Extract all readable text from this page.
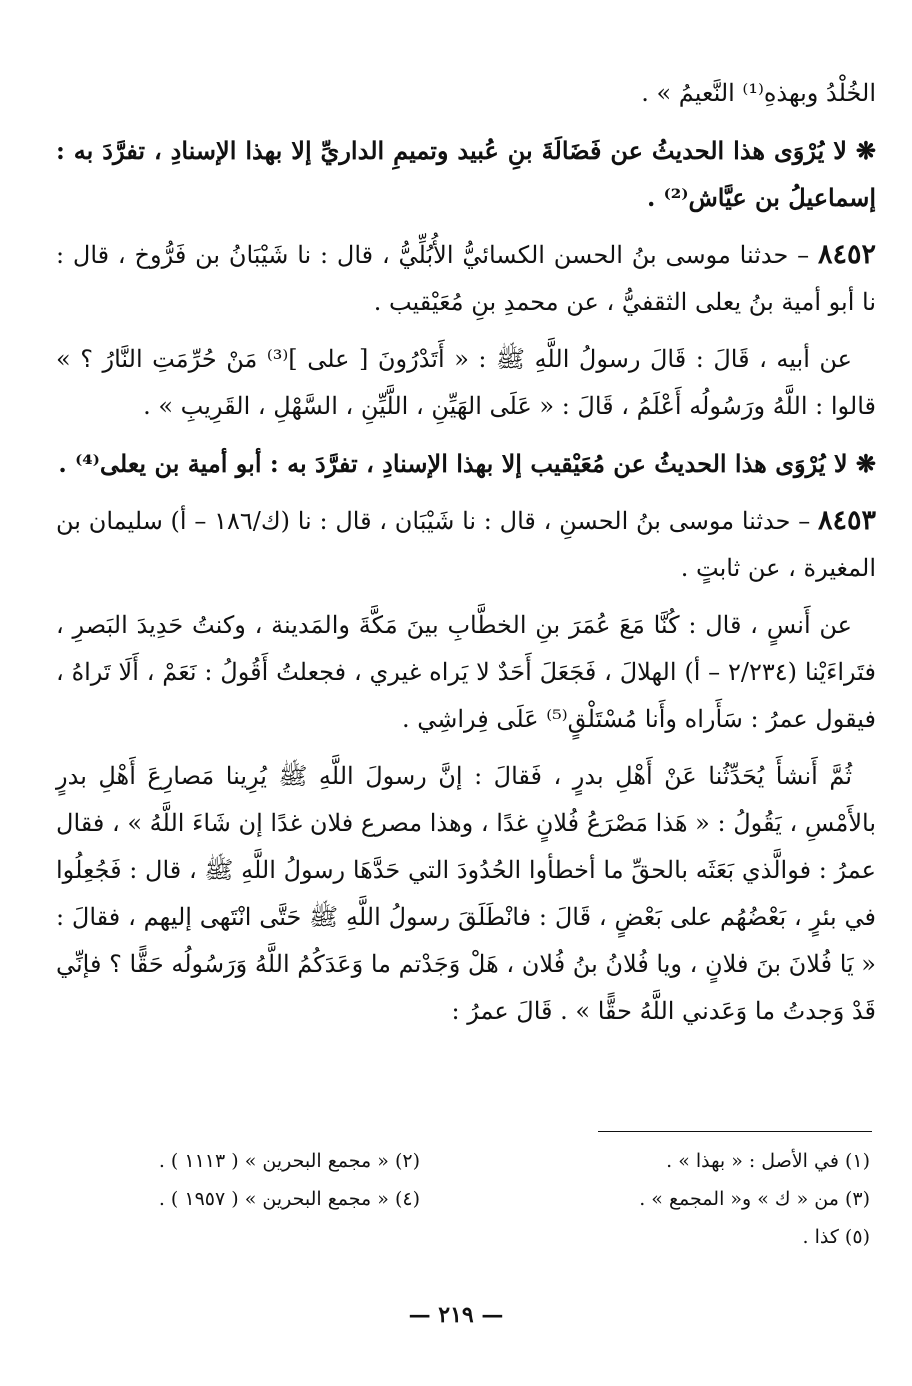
الخُلْدُ وبهذهِ⁽¹⁾ النَّعيمُ » .

❋ لا يُرْوَى هذا الحديثُ عن فَضَالَةَ بنِ عُبيد وتميمِ الداريِّ إلا بهذا الإسنادِ ، تفرَّدَ به : إسماعيلُ بن عيَّاش⁽²⁾ .

٨٤٥٢ – حدثنا موسى بنُ الحسن الكسائيُّ الأُبُلِّيُّ ، قال : نا شَيْبَانُ بن فَرُّوخ ، قال : نا أبو أمية بنُ يعلى الثقفيُّ ، عن محمدِ بنِ مُعَيْقيب .

عن أبيه ، قَالَ : قَالَ رسولُ اللَّهِ ﷺ : « أَتَدْرُونَ [ على ]⁽³⁾ مَنْ حُرِّمَتِ النَّارُ ؟ » قالوا : اللَّهُ ورَسُولُه أَعْلَمُ ، قَالَ : « عَلَى الهَيِّنِ ، اللَّيِّنِ ، السَّهْلِ ، القَرِيبِ » .

❋ لا يُرْوَى هذا الحديثُ عن مُعَيْقيب إلا بهذا الإسنادِ ، تفرَّدَ به : أبو أمية بن يعلى⁽⁴⁾ .

٨٤٥٣ – حدثنا موسى بنُ الحسنِ ، قال : نا شَيْبَان ، قال : نا (ك/١٨٦ – أ) سليمان بن المغيرة ، عن ثابتٍ .

عن أَنسٍ ، قال : كُنَّا مَعَ عُمَرَ بنِ الخطَّابِ بينَ مَكَّةَ والمَدينة ، وكنتُ حَدِيدَ البَصرِ ، فتَراءَيْنا (٢/٢٣٤ – أ) الهلالَ ، فَجَعَلَ أَحَدٌ لا يَراه غيري ، فجعلتُ أَقُولُ : نَعَمْ ، أَلَا تَراهُ ، فيقول عمرُ : سَأَراه وأَنا مُسْتَلْقٍ⁽⁵⁾ عَلَى فِراشِي .

ثُمَّ أَنشأَ يُحَدِّثُنا عَنْ أَهْلِ بدرٍ ، فَقالَ : إنَّ رسولَ اللَّهِ ﷺ يُرِينا مَصارِعَ أَهْلِ بدرٍ بالأَمْسِ ، يَقُولُ : « هَذا مَصْرَعُ فُلانٍ غدًا ، وهذا مصرع فلان غدًا إن شَاءَ اللَّهُ » ، فقال عمرُ : فوالَّذي بَعَثَه بالحقِّ ما أخطأوا الحُدُودَ التي حَدَّهَا رسولُ اللَّهِ ﷺ ، قال : فَجُعِلُوا في بئرٍ ، بَعْضُهُم على بَعْضٍ ، قَالَ : فانْطَلَقَ رسولُ اللَّهِ ﷺ حَتَّى انْتَهى إليهم ، فقالَ : « يَا فُلانَ بنَ فلانٍ ، ويا فُلانُ بنُ فُلان ، هَلْ وَجَدْتم ما وَعَدَكُمُ اللَّهُ وَرَسُولُه حَقًّا ؟ فإنِّي قَدْ وَجدتُ ما وَعَدني اللَّهُ حقًّا » . قَالَ عمرُ :

(١) في الأصل : « بهذا » .
(٢) « مجمع البحرين » ( ١١١٣ ) .
(٣) من « ك » و« المجمع » .
(٤) « مجمع البحرين » ( ١٩٥٧ ) .
(٥) كذا .
— ٢١٩ —
